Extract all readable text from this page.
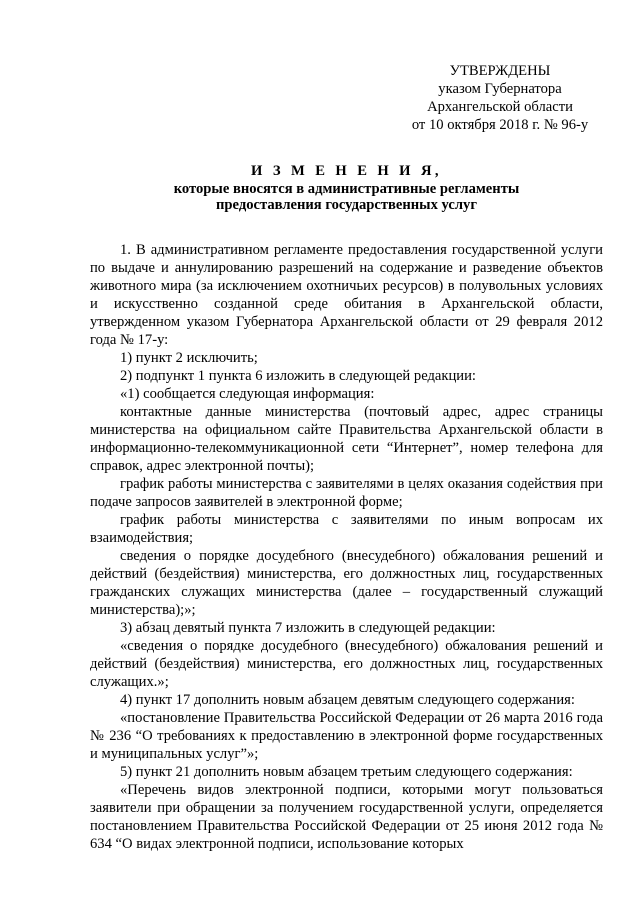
УТВЕРЖДЕНЫ
указом Губернатора
Архангельской области
от 10 октября 2018 г. № 96-у
И З М Е Н Е Н И Я,
которые вносятся в административные регламенты
предоставления государственных услуг

1. В административном регламенте предоставления государственной услуги по выдаче и аннулированию разрешений на содержание и разведение объектов животного мира (за исключением охотничьих ресурсов) в полувольных условиях и искусственно созданной среде обитания в Архангельской области, утвержденном указом Губернатора Архангельской области от 29 февраля 2012 года № 17-у:

1) пункт 2 исключить;

2) подпункт 1 пункта 6 изложить в следующей редакции:

«1) сообщается следующая информация:

контактные данные министерства (почтовый адрес, адрес страницы министерства на официальном сайте Правительства Архангельской области в информационно-телекоммуникационной сети “Интернет”, номер телефона для справок, адрес электронной почты);

график работы министерства с заявителями в целях оказания содействия при подаче запросов заявителей в электронной форме;

график работы министерства с заявителями по иным вопросам их взаимодействия;

сведения о порядке досудебного (внесудебного) обжалования решений и действий (бездействия) министерства, его должностных лиц, государственных гражданских служащих министерства (далее – государственный служащий министерства);»;

3) абзац девятый пункта 7 изложить в следующей редакции:

«сведения о порядке досудебного (внесудебного) обжалования решений и действий (бездействия) министерства, его должностных лиц, государственных служащих.»;

4) пункт 17 дополнить новым абзацем девятым следующего содержания:

«постановление Правительства Российской Федерации от 26 марта 2016 года № 236 “О требованиях к предоставлению в электронной форме государственных и муниципальных услуг”»;

5) пункт 21 дополнить новым абзацем третьим следующего содержания:

«Перечень видов электронной подписи, которыми могут пользоваться заявители при обращении за получением государственной услуги, определяется постановлением Правительства Российской Федерации от 25 июня 2012 года № 634 “О видах электронной подписи, использование которых
